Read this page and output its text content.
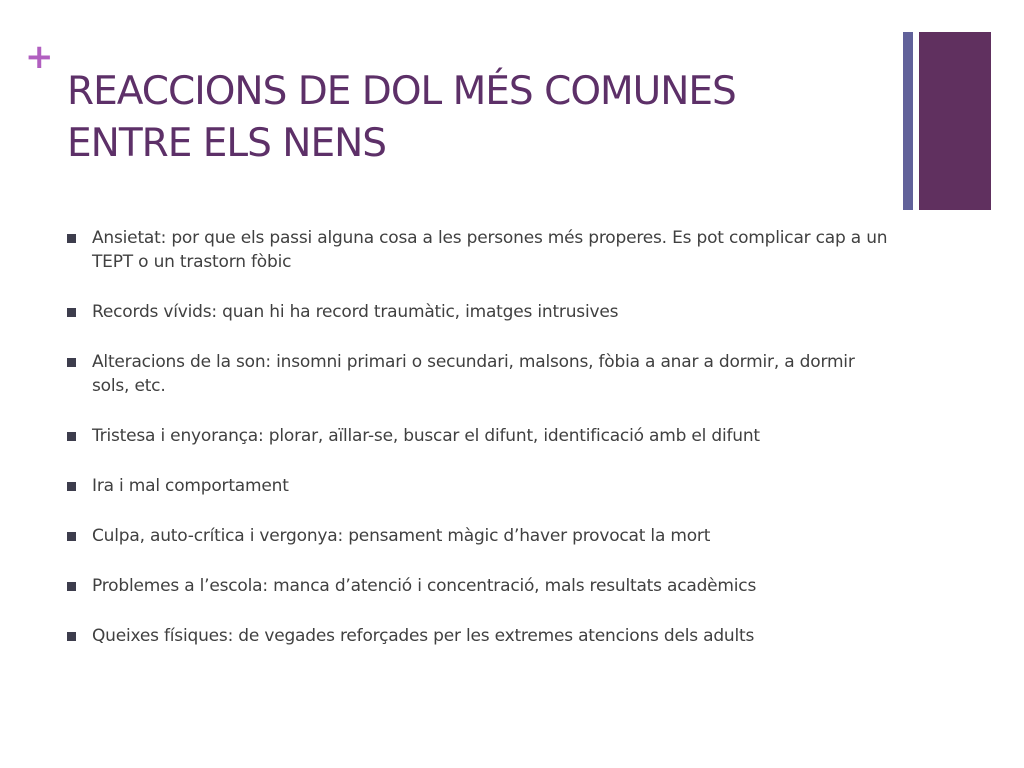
+
REACCIONS DE DOL MÉS COMUNES ENTRE ELS NENS
Ansietat: por que els passi alguna cosa a les persones més properes. Es pot complicar cap a un TEPT o un trastorn fòbic
Records vívids: quan hi ha record traumàtic, imatges intrusives
Alteracions de la son: insomni primari o secundari, malsons, fòbia a anar a dormir, a dormir sols, etc.
Tristesa i enyorança: plorar, aïllar-se, buscar el difunt, identificació amb el difunt
Ira i mal comportament
Culpa, auto-crítica i vergonya: pensament màgic d’haver provocat la mort
Problemes a l’escola: manca d’atenció i concentració, mals resultats acadèmics
Queixes físiques: de vegades reforçades per les extremes atencions dels adults
